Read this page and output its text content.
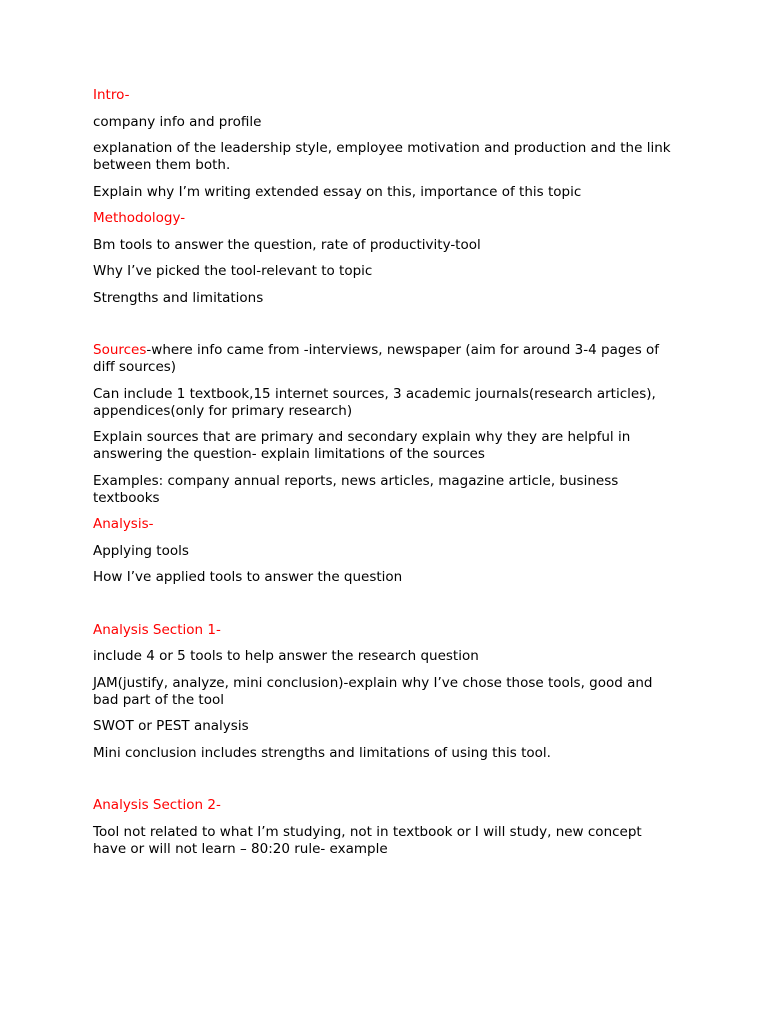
Intro-

company info and profile

explanation of the leadership style, employee motivation and production and the link between them both.

Explain why I’m writing extended essay on this, importance of this topic

Methodology-

Bm tools to answer the question, rate of productivity-tool

Why I’ve picked the tool-relevant to topic

Strengths and limitations

Sources-where info came from -interviews, newspaper (aim for around 3-4 pages of diff sources)

Can include 1 textbook,15 internet sources, 3 academic journals(research articles), appendices(only for primary research)

Explain sources that are primary and secondary explain why they are helpful in answering the question- explain limitations of the sources

Examples: company annual reports, news articles, magazine article, business textbooks

Analysis-

Applying tools

How I’ve applied tools to answer the question

Analysis Section 1-

include 4 or 5 tools to help answer the research question

JAM(justify, analyze, mini conclusion)-explain why I’ve chose those tools, good and bad part of the tool

SWOT or PEST analysis

Mini conclusion includes strengths and limitations of using this tool.

Analysis Section 2-

Tool not related to what I’m studying, not in textbook or I will study, new concept have or will not learn – 80:20 rule- example
